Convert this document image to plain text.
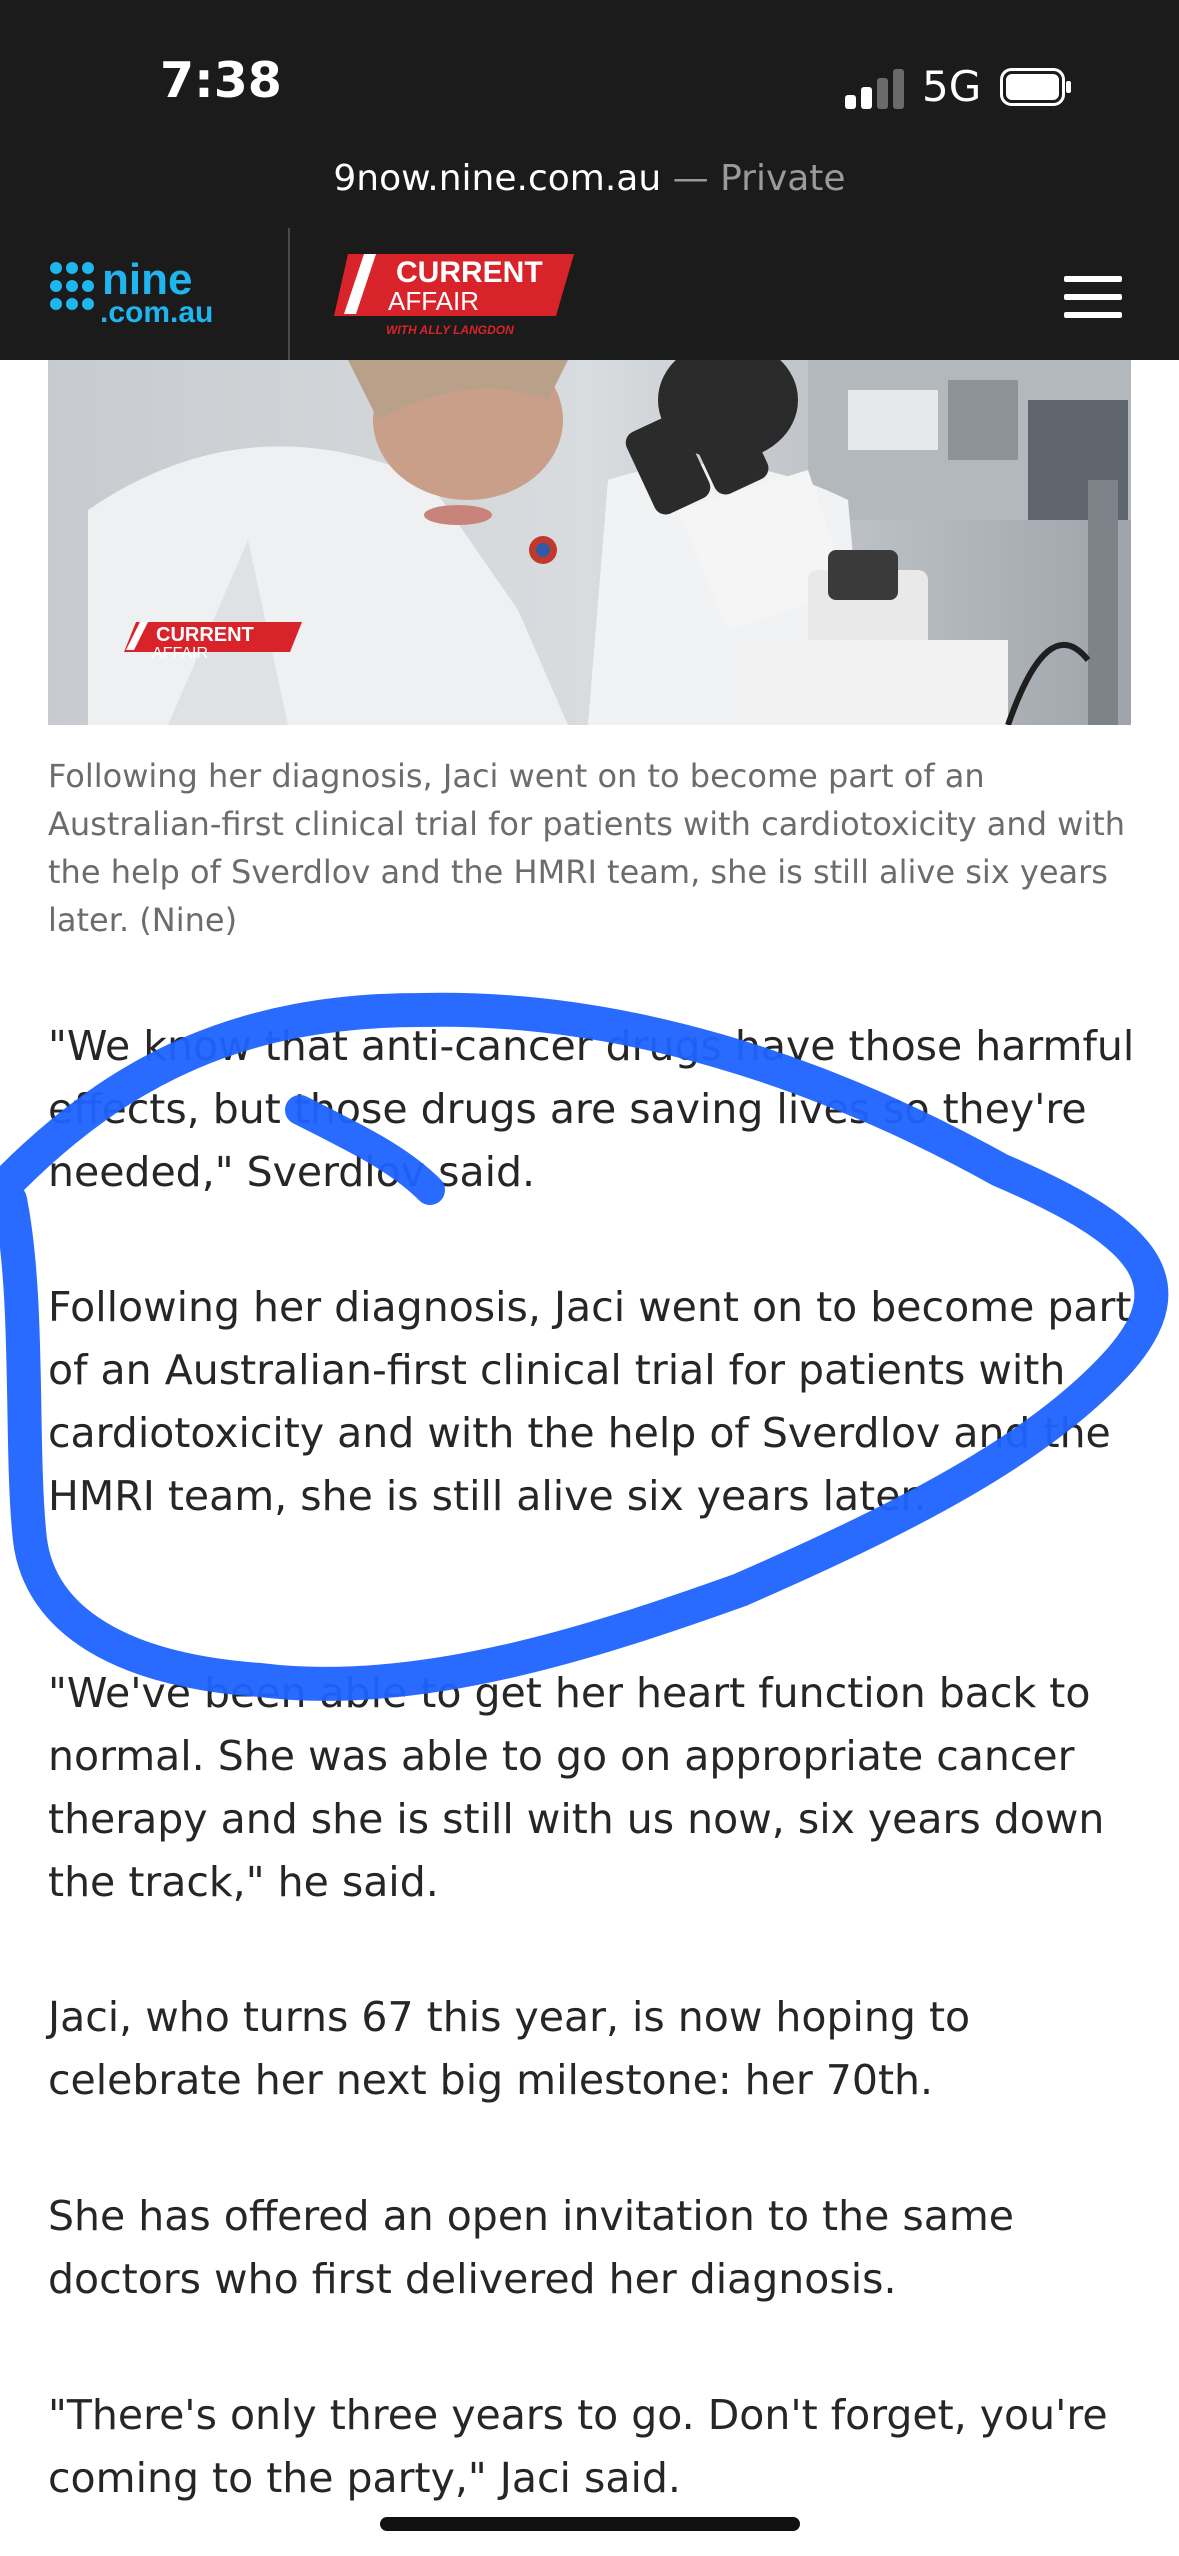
7:38	5G
9now.nine.com.au — Private
nine
.com.au
CURRENT
AFFAIR
WITH ALLY LANGDON
CURRENT
AFFAIR
Following her diagnosis, Jaci went on to become part of an Australian-first clinical trial for patients with cardiotoxicity and with the help of Sverdlov and the HMRI team, she is still alive six years later. (Nine)

"We know that anti-cancer drugs have those harmful effects, but those drugs are saving lives so they're needed," Sverdlov said.

Following her diagnosis, Jaci went on to become part of an Australian-first clinical trial for patients with cardiotoxicity and with the help of Sverdlov and the HMRI team, she is still alive six years later.

"We've been able to get her heart function back to normal. She was able to go on appropriate cancer therapy and she is still with us now, six years down the track," he said.

Jaci, who turns 67 this year, is now hoping to celebrate her next big milestone: her 70th.

She has offered an open invitation to the same doctors who first delivered her diagnosis.

"There's only three years to go. Don't forget, you're coming to the party," Jaci said.
